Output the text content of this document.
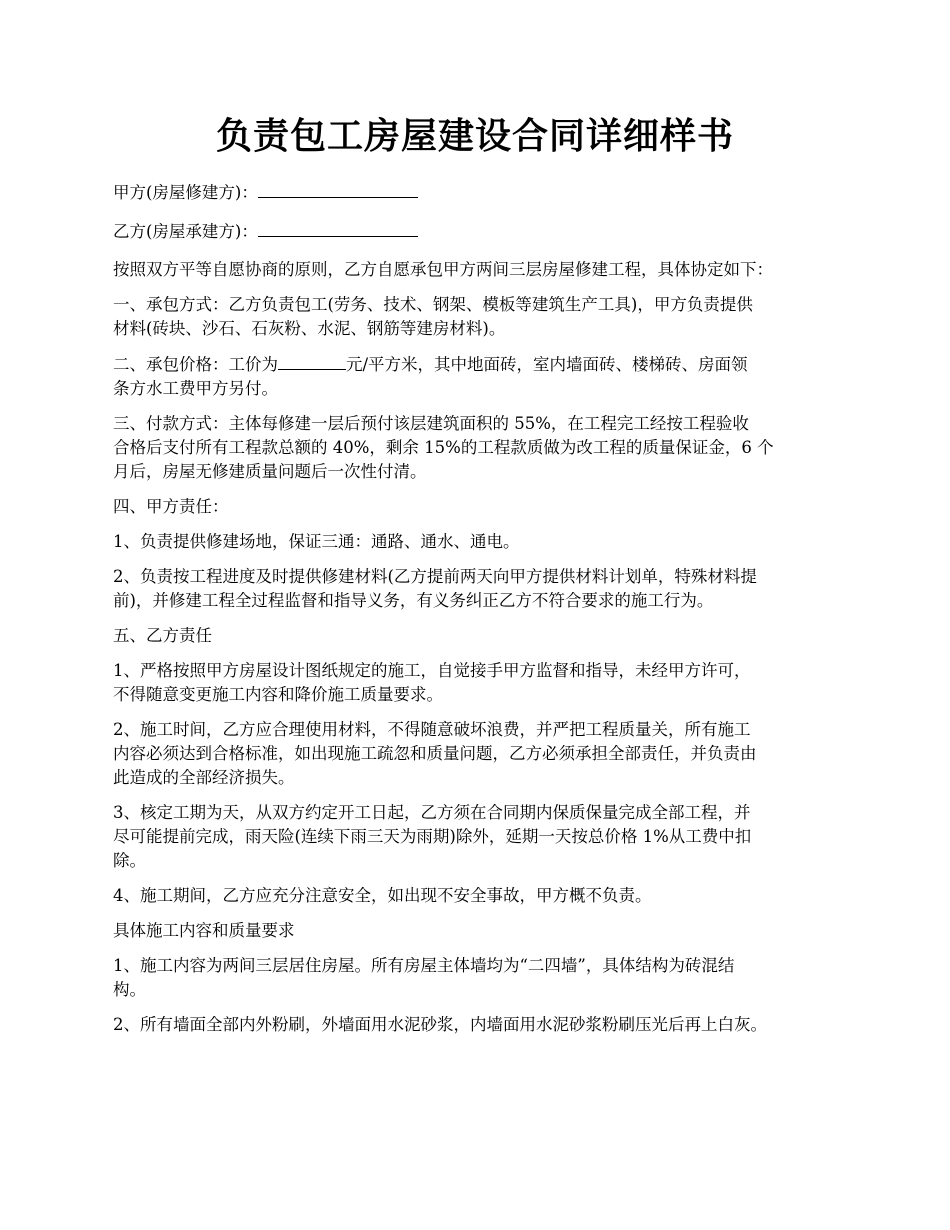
负责包工房屋建设合同详细样书

甲方(房屋修建方)：

乙方(房屋承建方)：

按照双方平等自愿协商的原则，乙方自愿承包甲方两间三层房屋修建工程，具体协定如下：

一、承包方式：乙方负责包工(劳务、技术、钢架、模板等建筑生产工具)，甲方负责提供
材料(砖块、沙石、石灰粉、水泥、钢筋等建房材料)。

二、承包价格：工价为	元/平方米，其中地面砖，室内墙面砖、楼梯砖、房面领
条方水工费甲方另付。

三、付款方式：主体每修建一层后预付该层建筑面积的 55%，在工程完工经按工程验收
合格后支付所有工程款总额的 40%，剩余 15%的工程款质做为改工程的质量保证金，6 个
月后，房屋无修建质量问题后一次性付清。

四、甲方责任：

1、负责提供修建场地，保证三通：通路、通水、通电。

2、负责按工程进度及时提供修建材料(乙方提前两天向甲方提供材料计划单，特殊材料提
前)，并修建工程全过程监督和指导义务，有义务纠正乙方不符合要求的施工行为。

五、乙方责任

1、严格按照甲方房屋设计图纸规定的施工，自觉接手甲方监督和指导，未经甲方许可，
不得随意变更施工内容和降价施工质量要求。

2、施工时间，乙方应合理使用材料，不得随意破坏浪费，并严把工程质量关，所有施工
内容必须达到合格标准，如出现施工疏忽和质量问题，乙方必须承担全部责任，并负责由
此造成的全部经济损失。

3、核定工期为天，从双方约定开工日起，乙方须在合同期内保质保量完成全部工程，并
尽可能提前完成，雨天险(连续下雨三天为雨期)除外，延期一天按总价格 1%从工费中扣
除。

4、施工期间，乙方应充分注意安全，如出现不安全事故，甲方概不负责。

具体施工内容和质量要求

1、施工内容为两间三层居住房屋。所有房屋主体墙均为“二四墙”，具体结构为砖混结
构。

2、所有墙面全部内外粉刷，外墙面用水泥砂浆，内墙面用水泥砂浆粉刷压光后再上白灰。
